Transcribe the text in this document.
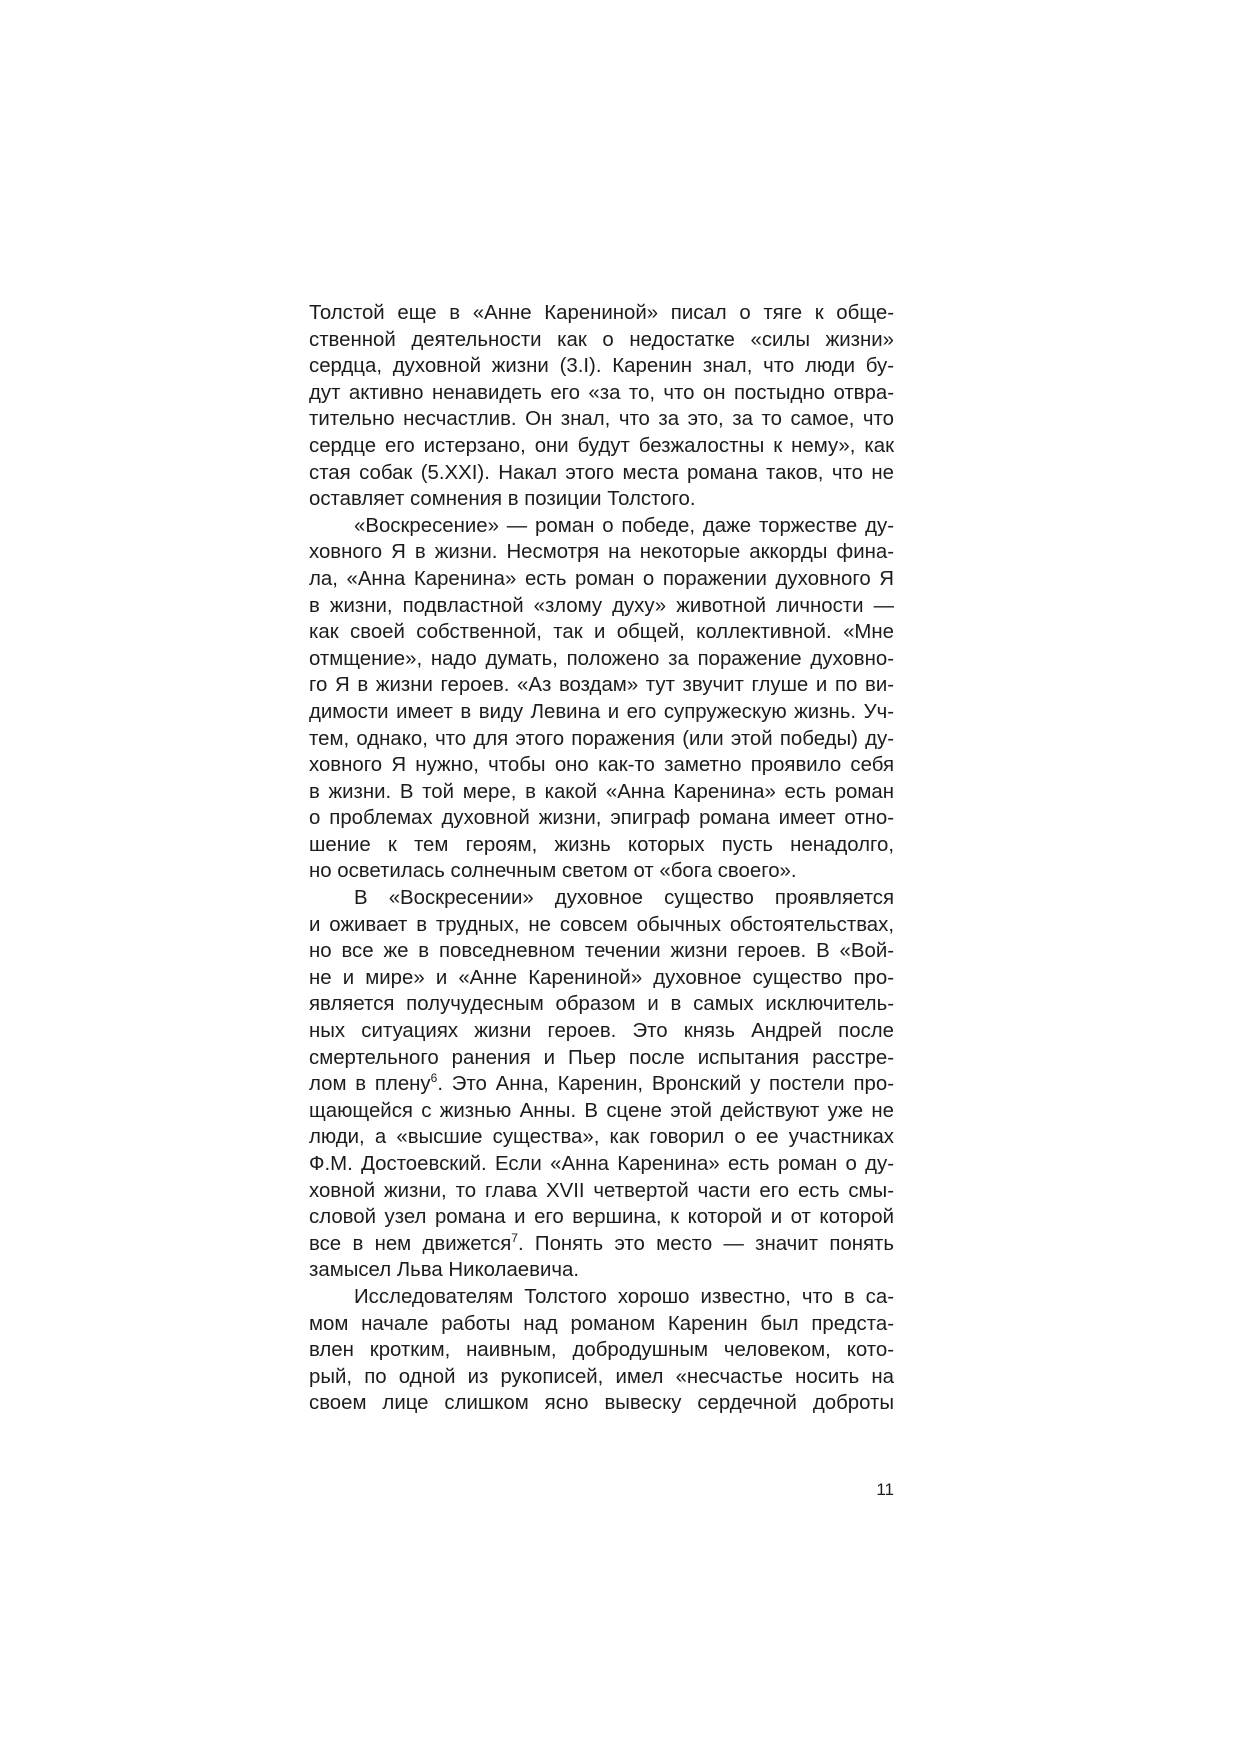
Толстой еще в «Анне Карениной» писал о тяге к обще-
ственной деятельности как о недостатке «силы жизни»
сердца, духовной жизни (3.I). Каренин знал, что люди бу-
дут активно ненавидеть его «за то, что он постыдно отвра-
тительно несчастлив. Он знал, что за это, за то самое, что
сердце его истерзано, они будут безжалостны к нему», как
стая собак (5.XXI). Накал этого места романа таков, что не
оставляет сомнения в позиции Толстого.
«Воскресение» — роман о победе, даже торжестве ду-
ховного Я в жизни. Несмотря на некоторые аккорды фина-
ла, «Анна Каренина» есть роман о поражении духовного Я
в жизни, подвластной «злому духу» животной личности —
как своей собственной, так и общей, коллективной. «Мне
отмщение», надо думать, положено за поражение духовно-
го Я в жизни героев. «Аз воздам» тут звучит глуше и по ви-
димости имеет в виду Левина и его супружескую жизнь. Уч-
тем, однако, что для этого поражения (или этой победы) ду-
ховного Я нужно, чтобы оно как-то заметно проявило себя
в жизни. В той мере, в какой «Анна Каренина» есть роман
о проблемах духовной жизни, эпиграф романа имеет отно-
шение к тем героям, жизнь которых пусть ненадолго,
но осветилась солнечным светом от «бога своего».
В «Воскресении» духовное существо проявляется
и оживает в трудных, не совсем обычных обстоятельствах,
но все же в повседневном течении жизни героев. В «Вой-
не и мире» и «Анне Карениной» духовное существо про-
является получудесным образом и в самых исключитель-
ных ситуациях жизни героев. Это князь Андрей после
смертельного ранения и Пьер после испытания расстре-
лом в плену$^6$. Это Анна, Каренин, Вронский у постели про-
щающейся с жизнью Анны. В сцене этой действуют уже не
люди, а «высшие существа», как говорил о ее участниках
Ф.М. Достоевский. Если «Анна Каренина» есть роман о ду-
ховной жизни, то глава XVII четвертой части его есть смы-
словой узел романа и его вершина, к которой и от которой
все в нем движется$^7$. Понять это место — значит понять
замысел Льва Николаевича.
Исследователям Толстого хорошо известно, что в са-
мом начале работы над романом Каренин был предста-
влен кротким, наивным, добродушным человеком, кото-
рый, по одной из рукописей, имел «несчастье носить на
своем лице слишком ясно вывеску сердечной доброты
11
